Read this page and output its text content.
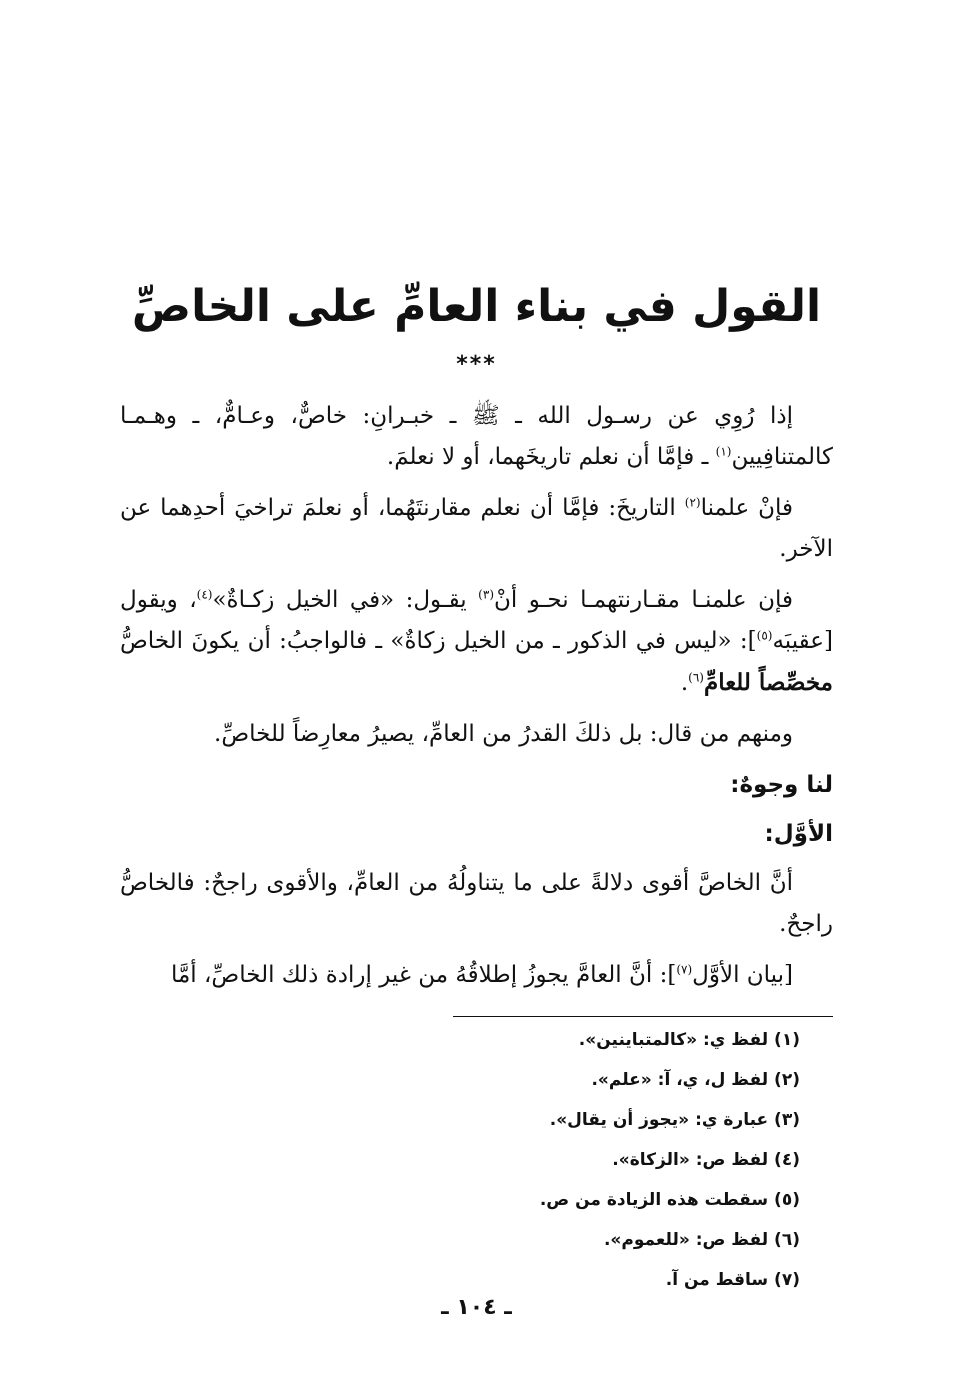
القول في بناء العامِّ على الخاصِّ
***

إذا رُوِي عن رسـول الله ـ ﷺ ـ خبـرانِ: خاصٌّ، وعـامٌّ، ـ وهـمـا كالمتنافِيين$^{(١)}$ ـ فإمَّا أن نعلم تاريخَهما، أو لا نعلمَ.

فإنْ علمنا$^{(٢)}$ التاريخَ: فإمَّا أن نعلم مقارنتَهُما، أو نعلمَ تراخيَ أحدِهما عن الآخر.

فإن علمنـا مقـارنتهمـا نحـو أنْ$^{(٣)}$ يقـول: «في الخيل زكـاةٌ»$^{(٤)}$، ويقول [عقيبَه$^{(٥)}$]: «ليس في الذكور ـ من الخيل زكاةٌ» ـ فالواجبُ: أن يكونَ الخاصُّ مخصِّصاً للعامِّ$^{(٦)}$.

ومنهم من قال: بل ذلكَ القدرُ من العامِّ، يصيرُ معارِضاً للخاصِّ.

لنا وجوهٌ:

الأوَّل:

أنَّ الخاصَّ أقوى دلالةً على ما يتناولُهُ من العامِّ، والأقوى راجحٌ: فالخاصُّ راجحٌ.

[بيان الأوَّل$^{(٧)}$]: أنَّ العامَّ يجوزُ إطلاقُهُ من غير إرادة ذلك الخاصِّ، أمَّا

(١) لفظ ي: «كالمتباينين».
(٢) لفظ ل، ي، آ: «علم».
(٣) عبارة ي: «يجوز أن يقال».
(٤) لفظ ص: «الزكاة».
(٥) سقطت هذه الزيادة من ص.
(٦) لفظ ص: «للعموم».
(٧) ساقط من آ.
ـ ١٠٤ ـ
